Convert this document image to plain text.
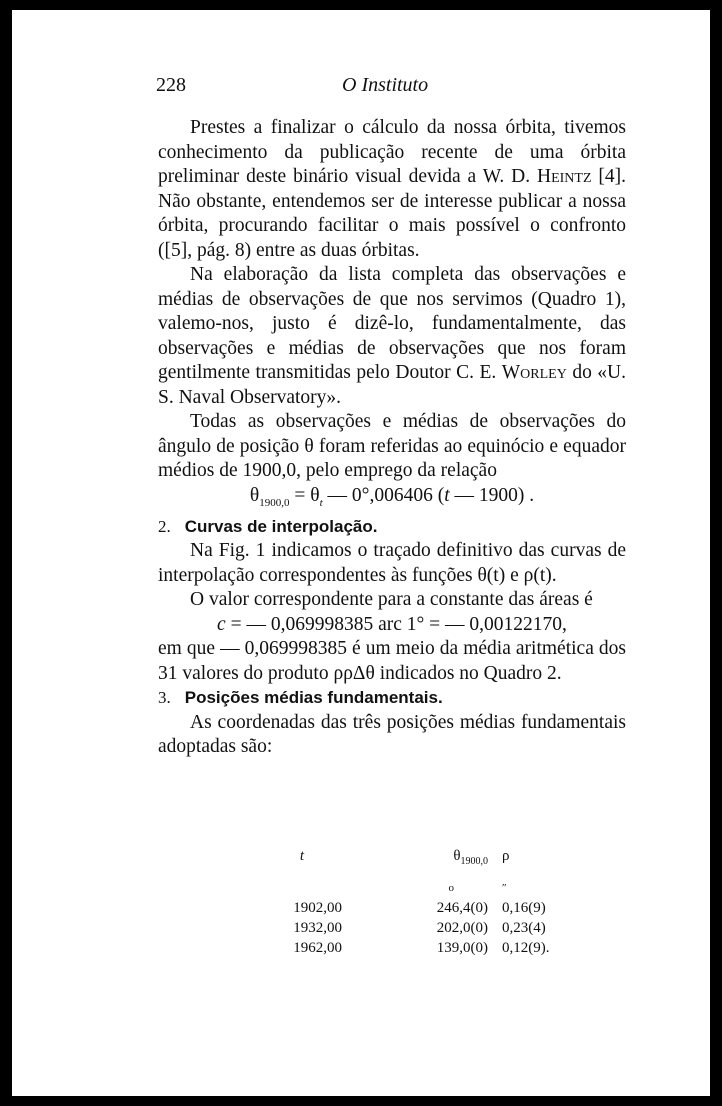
228	O Instituto

Prestes a finalizar o cálculo da nossa órbita, tivemos conhecimento da publicação recente de uma órbita preliminar deste binário visual devida a W. D. Heintz [4]. Não obstante, entendemos ser de interesse publicar a nossa órbita, procurando facilitar o mais possível o confronto ([5], pág. 8) entre as duas órbitas.

Na elaboração da lista completa das observações e médias de observações de que nos servimos (Quadro 1), valemo-nos, justo é dizê-lo, fundamentalmente, das observações e médias de observações que nos foram gentilmente transmitidas pelo Doutor C. E. Worley do «U. S. Naval Observatory».

Todas as observações e médias de observações do ângulo de posição θ foram referidas ao equinócio e equador médios de 1900,0, pelo emprego da relação

$\theta_{1900,0} = \theta_t$ — 0°,006406 (t — 1900) .

2. Curvas de interpolação.

Na Fig. 1 indicamos o traçado definitivo das curvas de interpolação correspondentes às funções θ(t) e ρ(t).

O valor correspondente para a constante das áreas é

c = — 0,069998385 arc 1° = — 0,00122170,

em que — 0,069998385 é um meio da média aritmética dos 31 valores do produto ρρΔθ indicados no Quadro 2.

3. Posições médias fundamentais.

As coordenadas das três posições médias fundamentais adoptadas são:

t	$\theta_{1900,0}$	ρ
	o	″
1902,00	246,4(0)	0,16(9)
1932,00	202,0(0)	0,23(4)
1962,00	139,0(0)	0,12(9).
